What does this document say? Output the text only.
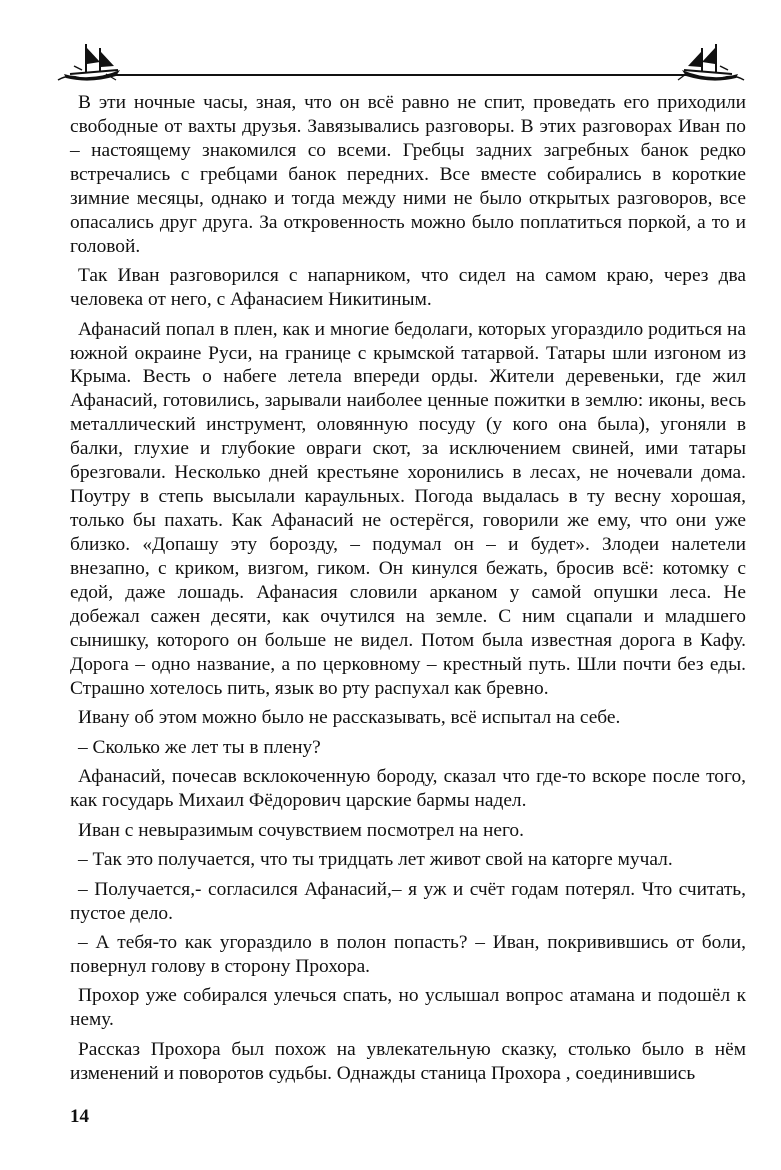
В эти ночные часы, зная, что он всё равно не спит, проведать его приходили свободные от вахты друзья. Завязывались разговоры. В этих разговорах Иван по – настоящему знакомился со всеми. Гребцы задних загребных банок редко встречались с гребцами банок передних. Все вместе собирались в короткие зимние месяцы, однако и тогда между ними не было открытых разговоров, все опасались друг друга. За откровенность можно было поплатиться поркой, а то и головой.

Так Иван разговорился с напарником, что сидел на самом краю, через два человека от него, с Афанасием Никитиным.

Афанасий попал в плен, как и многие бедолаги, которых угораздило родиться на южной окраине Руси, на границе с крымской татарвой. Татары шли изгоном из Крыма. Весть о набеге летела впереди орды. Жители деревеньки, где жил Афанасий, готовились, зарывали наиболее ценные пожитки в землю: иконы, весь металлический инструмент, оловянную посуду (у кого она была), угоняли в балки, глухие и глубокие овраги скот, за исключением свиней, ими татары брезговали. Несколько дней крестьяне хоронились в лесах, не ночевали дома. Поутру в степь высылали караульных. Погода выдалась в ту весну хорошая, только бы пахать. Как Афанасий не остерёгся, говорили же ему, что они уже близко. «Допашу эту борозду, – подумал он – и будет». Злодеи налетели внезапно, с криком, визгом, гиком. Он кинулся бежать, бросив всё: котомку с едой, даже лошадь. Афанасия словили арканом у самой опушки леса. Не добежал сажен десяти, как очутился на земле. С ним сцапали и младшего сынишку, которого он больше не видел. Потом была известная дорога в Кафу. Дорога – одно название, а по церковному – крестный путь. Шли почти без еды. Страшно хотелось пить, язык во рту распухал как бревно.

Ивану об этом можно было не рассказывать, всё испытал на себе.

– Сколько же лет ты в плену?

Афанасий, почесав всклокоченную бороду, сказал что где-то вскоре после того, как государь Михаил Фёдорович царские бармы надел.

Иван с невыразимым сочувствием посмотрел на него.

– Так это получается, что ты тридцать лет живот свой на каторге мучал.

– Получается,- согласился Афанасий,– я уж и счёт годам потерял. Что считать, пустое дело.

– А тебя-то как угораздило в полон попасть? – Иван, покривившись от боли, повернул голову в сторону Прохора.

Прохор уже собирался улечься спать, но услышал вопрос атамана и подошёл к нему.

Рассказ Прохора был похож на увлекательную сказку, столько было в нём изменений и поворотов судьбы. Однажды станица Прохора , соединившись

14
